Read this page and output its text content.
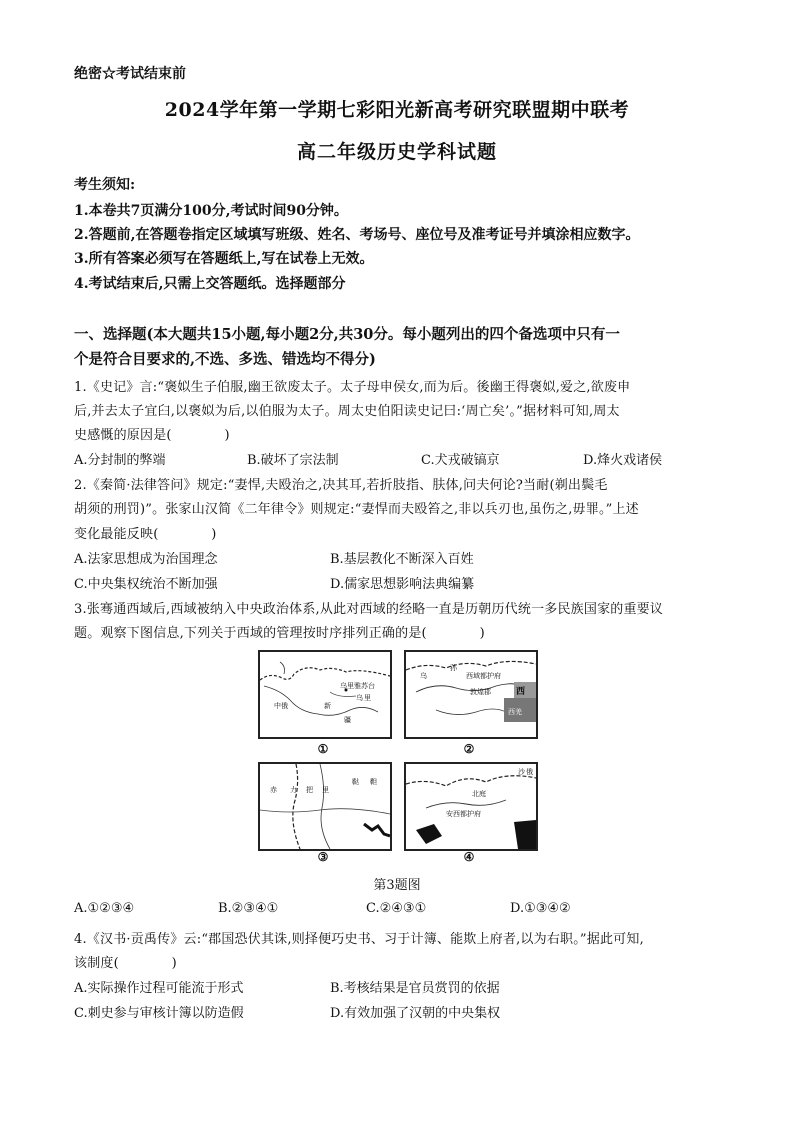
绝密☆考试结束前
2024学年第一学期七彩阳光新高考研究联盟期中联考
高二年级历史学科试题
考生须知:
1.本卷共7页满分100分,考试时间90分钟。
2.答题前,在答题卷指定区域填写班级、姓名、考场号、座位号及准考证号并填涂相应数字。
3.所有答案必须写在答题纸上,写在试卷上无效。
4.考试结束后,只需上交答题纸。选择题部分
一、选择题(本大题共15小题,每小题2分,共30分。每小题列出的四个备选项中只有一
个是符合目要求的,不选、多选、错选均不得分)
1.《史记》言:“褒姒生子伯服,幽王欲废太子。太子母申侯女,而为后。後幽王得褒姒,爱之,欲废申
后,并去太子宜臼,以褒姒为后,以伯服为太子。周太史伯阳读史记曰:‘周亡矣’。”据材料可知,周太
史感慨的原因是(　　　　)
A.分封制的弊端	B.破坏了宗法制	C.犬戎破镐京	D.烽火戏诸侯
2.《秦简·法律答问》规定:“妻悍,夫殴治之,决其耳,若折肢指、肤体,问夫何论?当耐(剃出鬓毛
胡须的刑罚)”。张家山汉简《二年律令》则规定:“妻悍而夫殴笞之,非以兵刃也,虽伤之,毋罪。”上述
变化最能反映(　　　　)
A.法家思想成为治国理念	B.基层教化不断深入百姓
C.中央集权统治不断加强	D.儒家思想影响法典编纂
3.张骞通西域后,西域被纳入中央政治体系,从此对西域的经略一直是历朝历代统一多民族国家的重要议
题。观察下图信息,下列关于西域的管理按时序排列正确的是(　　　　)
乌里雅苏台
中俄	新
疆
乌 里
①
西域都护府
敦煌郡	西
乌
孙
西羌
②
赤 力 把 里
鞑 靼
③
沙 俄
安西都护府
北庭
④
第3题图
A.①②③④	B.②③④①	C.②④③①	D.①③④②
4.《汉书·贡禹传》云:“郡国恐伏其诛,则择便巧史书、习于计簿、能欺上府者,以为右职。”据此可知,
该制度(　　　　)
A.实际操作过程可能流于形式	B.考核结果是官员赏罚的依据
C.刺史参与审核计簿以防造假	D.有效加强了汉朝的中央集权
